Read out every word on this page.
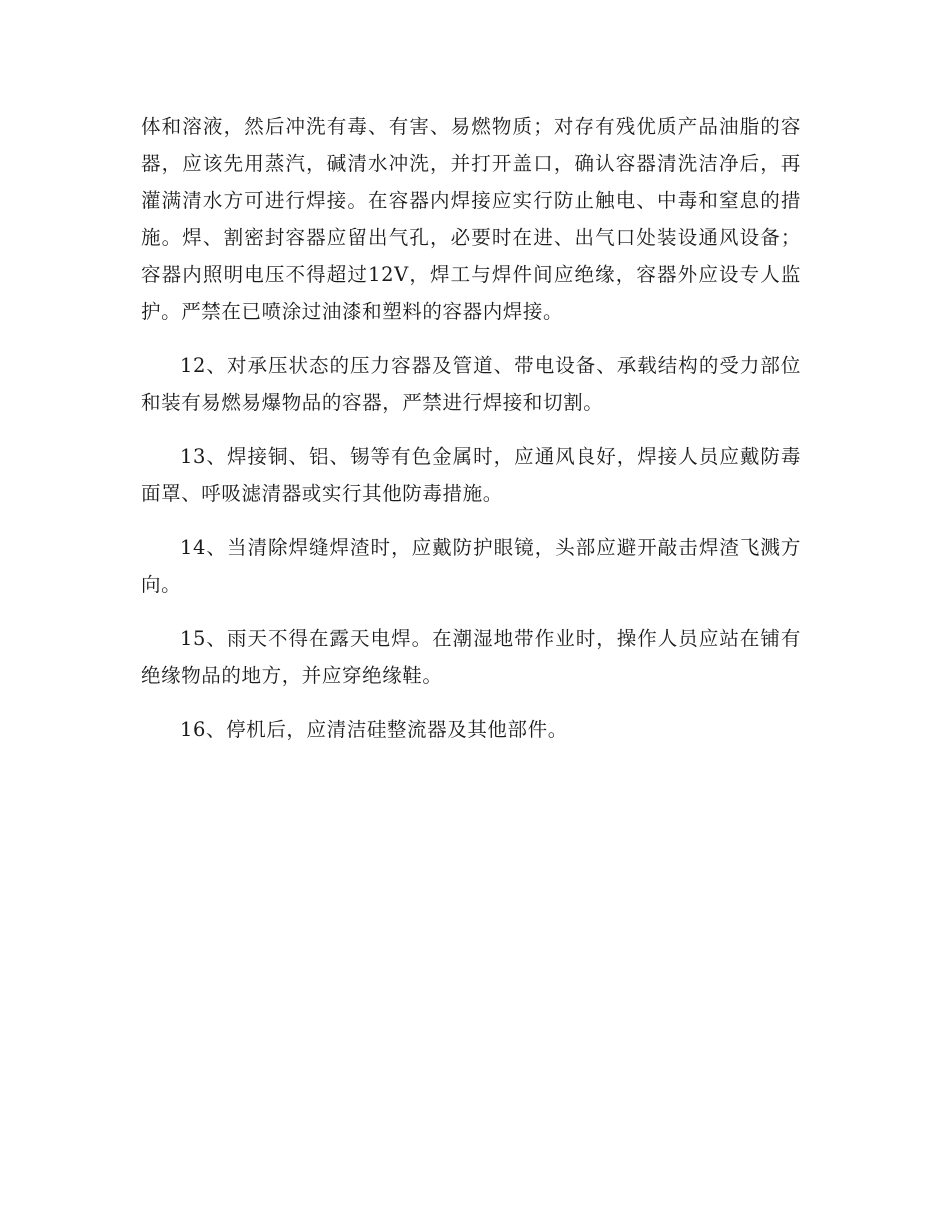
体和溶液，然后冲洗有毒、有害、易燃物质；对存有残优质产品油脂的容器，应该先用蒸汽，碱清水冲洗，并打开盖口，确认容器清洗洁净后，再灌满清水方可进行焊接。在容器内焊接应实行防止触电、中毒和窒息的措施。焊、割密封容器应留出气孔，必要时在进、出气口处装设通风设备；容器内照明电压不得超过12V，焊工与焊件间应绝缘，容器外应设专人监护。严禁在已喷涂过油漆和塑料的容器内焊接。

12、对承压状态的压力容器及管道、带电设备、承载结构的受力部位和装有易燃易爆物品的容器，严禁进行焊接和切割。

13、焊接铜、铝、锡等有色金属时，应通风良好，焊接人员应戴防毒面罩、呼吸滤清器或实行其他防毒措施。

14、当清除焊缝焊渣时，应戴防护眼镜，头部应避开敲击焊渣飞溅方向。

15、雨天不得在露天电焊。在潮湿地带作业时，操作人员应站在铺有绝缘物品的地方，并应穿绝缘鞋。

16、停机后，应清洁硅整流器及其他部件。
